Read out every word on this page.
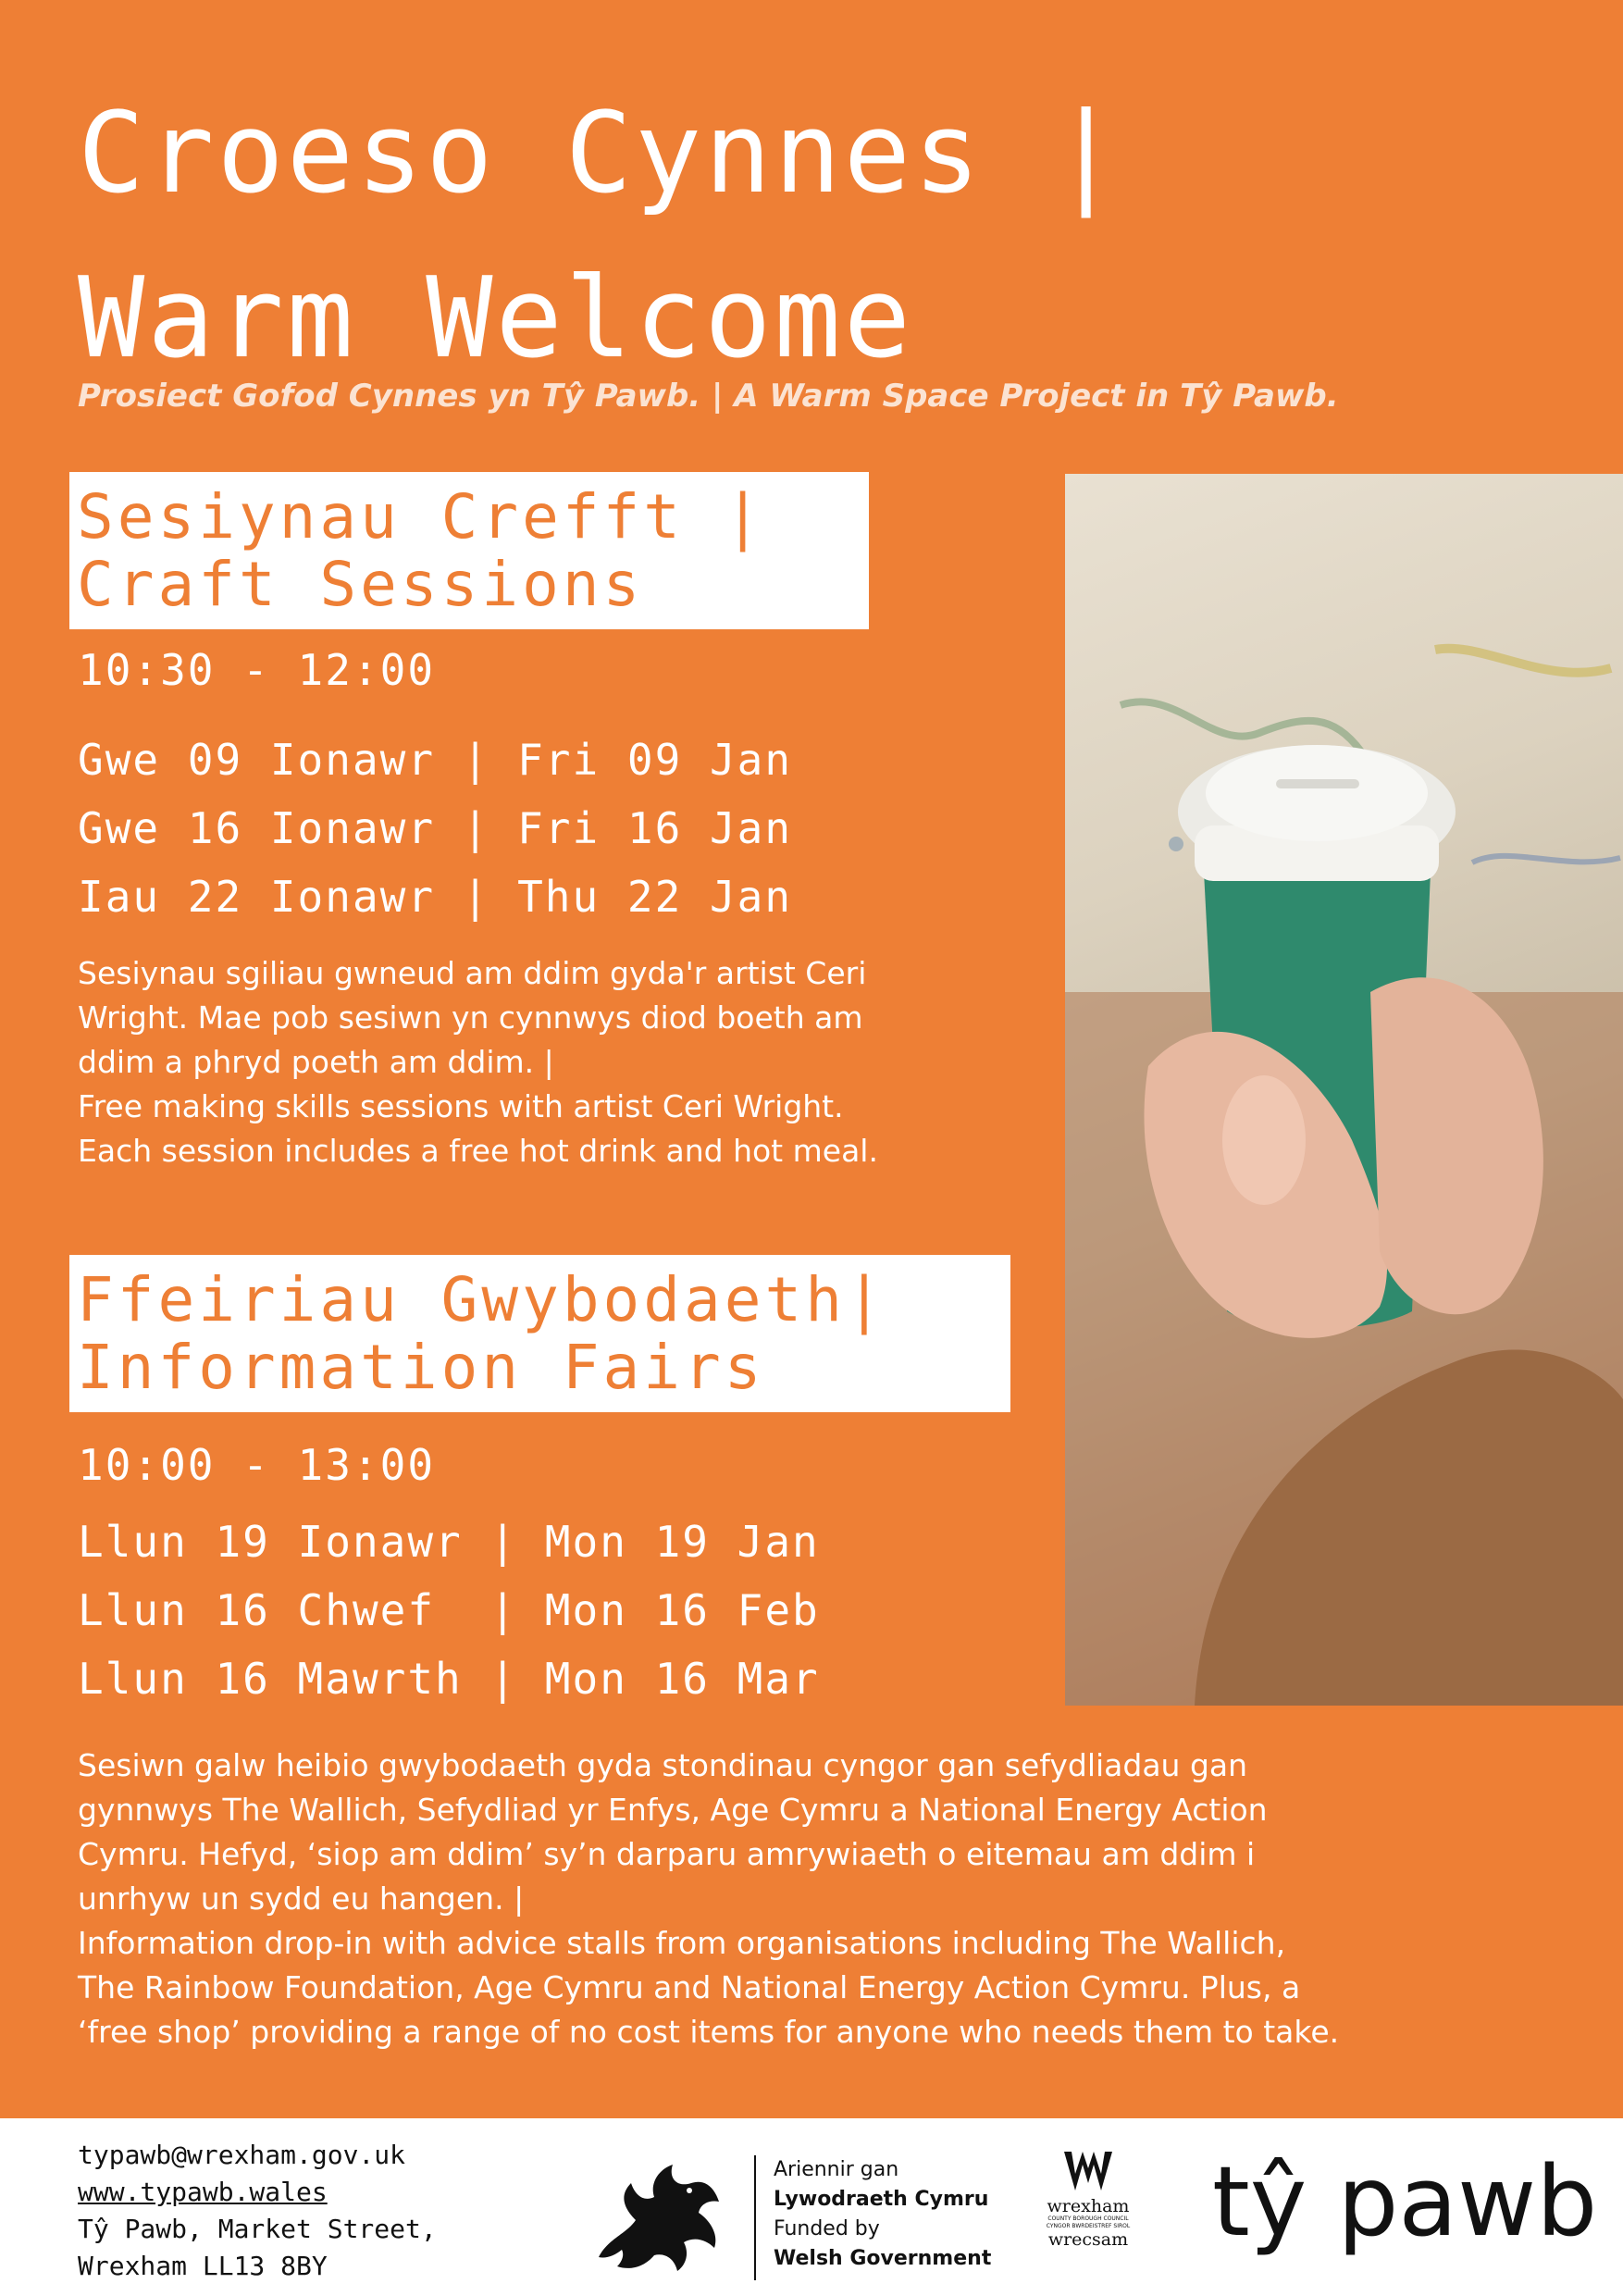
Croeso Cynnes |
Warm Welcome

Prosiect Gofod Cynnes yn Tŷ Pawb. | A Warm Space Project in Tŷ Pawb.

Sesiynau Crefft |
Craft Sessions

10:30 - 12:00

Gwe 09 Ionawr | Fri 09 Jan
Gwe 16 Ionawr | Fri 16 Jan
Iau 22 Ionawr | Thu 22 Jan

Sesiynau sgiliau gwneud am ddim gyda'r artist Ceri
Wright. Mae pob sesiwn yn cynnwys diod boeth am
ddim a phryd poeth am ddim. |
Free making skills sessions with artist Ceri Wright.
Each session includes a free hot drink and hot meal.

Ffeiriau Gwybodaeth|
Information Fairs

10:00 - 13:00

Llun 19 Ionawr | Mon 19 Jan
Llun 16 Chwef  | Mon 16 Feb
Llun 16 Mawrth | Mon 16 Mar

Sesiwn galw heibio gwybodaeth gyda stondinau cyngor gan sefydliadau gan
gynnwys The Wallich, Sefydliad yr Enfys, Age Cymru a National Energy Action
Cymru. Hefyd, ‘siop am ddim’ sy’n darparu amrywiaeth o eitemau am ddim i
unrhyw un sydd eu hangen. |
Information drop-in with advice stalls from organisations including The Wallich,
The Rainbow Foundation, Age Cymru and National Energy Action Cymru. Plus, a
‘free shop’ providing a range of no cost items for anyone who needs them to take.

typawb@wrexham.gov.uk
www.typawb.wales
Tŷ Pawb, Market Street,
Wrexham LL13 8BY

Ariennir gan
Lywodraeth Cymru
Funded by
Welsh Government

wrexham
COUNTY BOROUGH COUNCIL
CYNGOR BWRDEISTREF SIROL
wrecsam tŷ pawb
